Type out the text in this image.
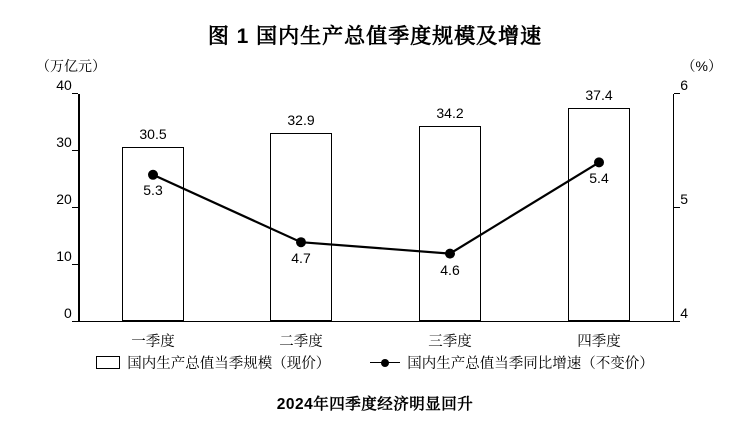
图 1 国内生产总值季度规模及增速
（万亿元）	（%）
0
10
20
30
40
4
5
6
30.5
32.9	34.2
37.4
5.3
4.7
4.6
5.4
一季度	二季度	三季度	四季度
国内生产总值当季规模（现价）	国内生产总值当季同比增速（不变价）
2024年四季度经济明显回升
